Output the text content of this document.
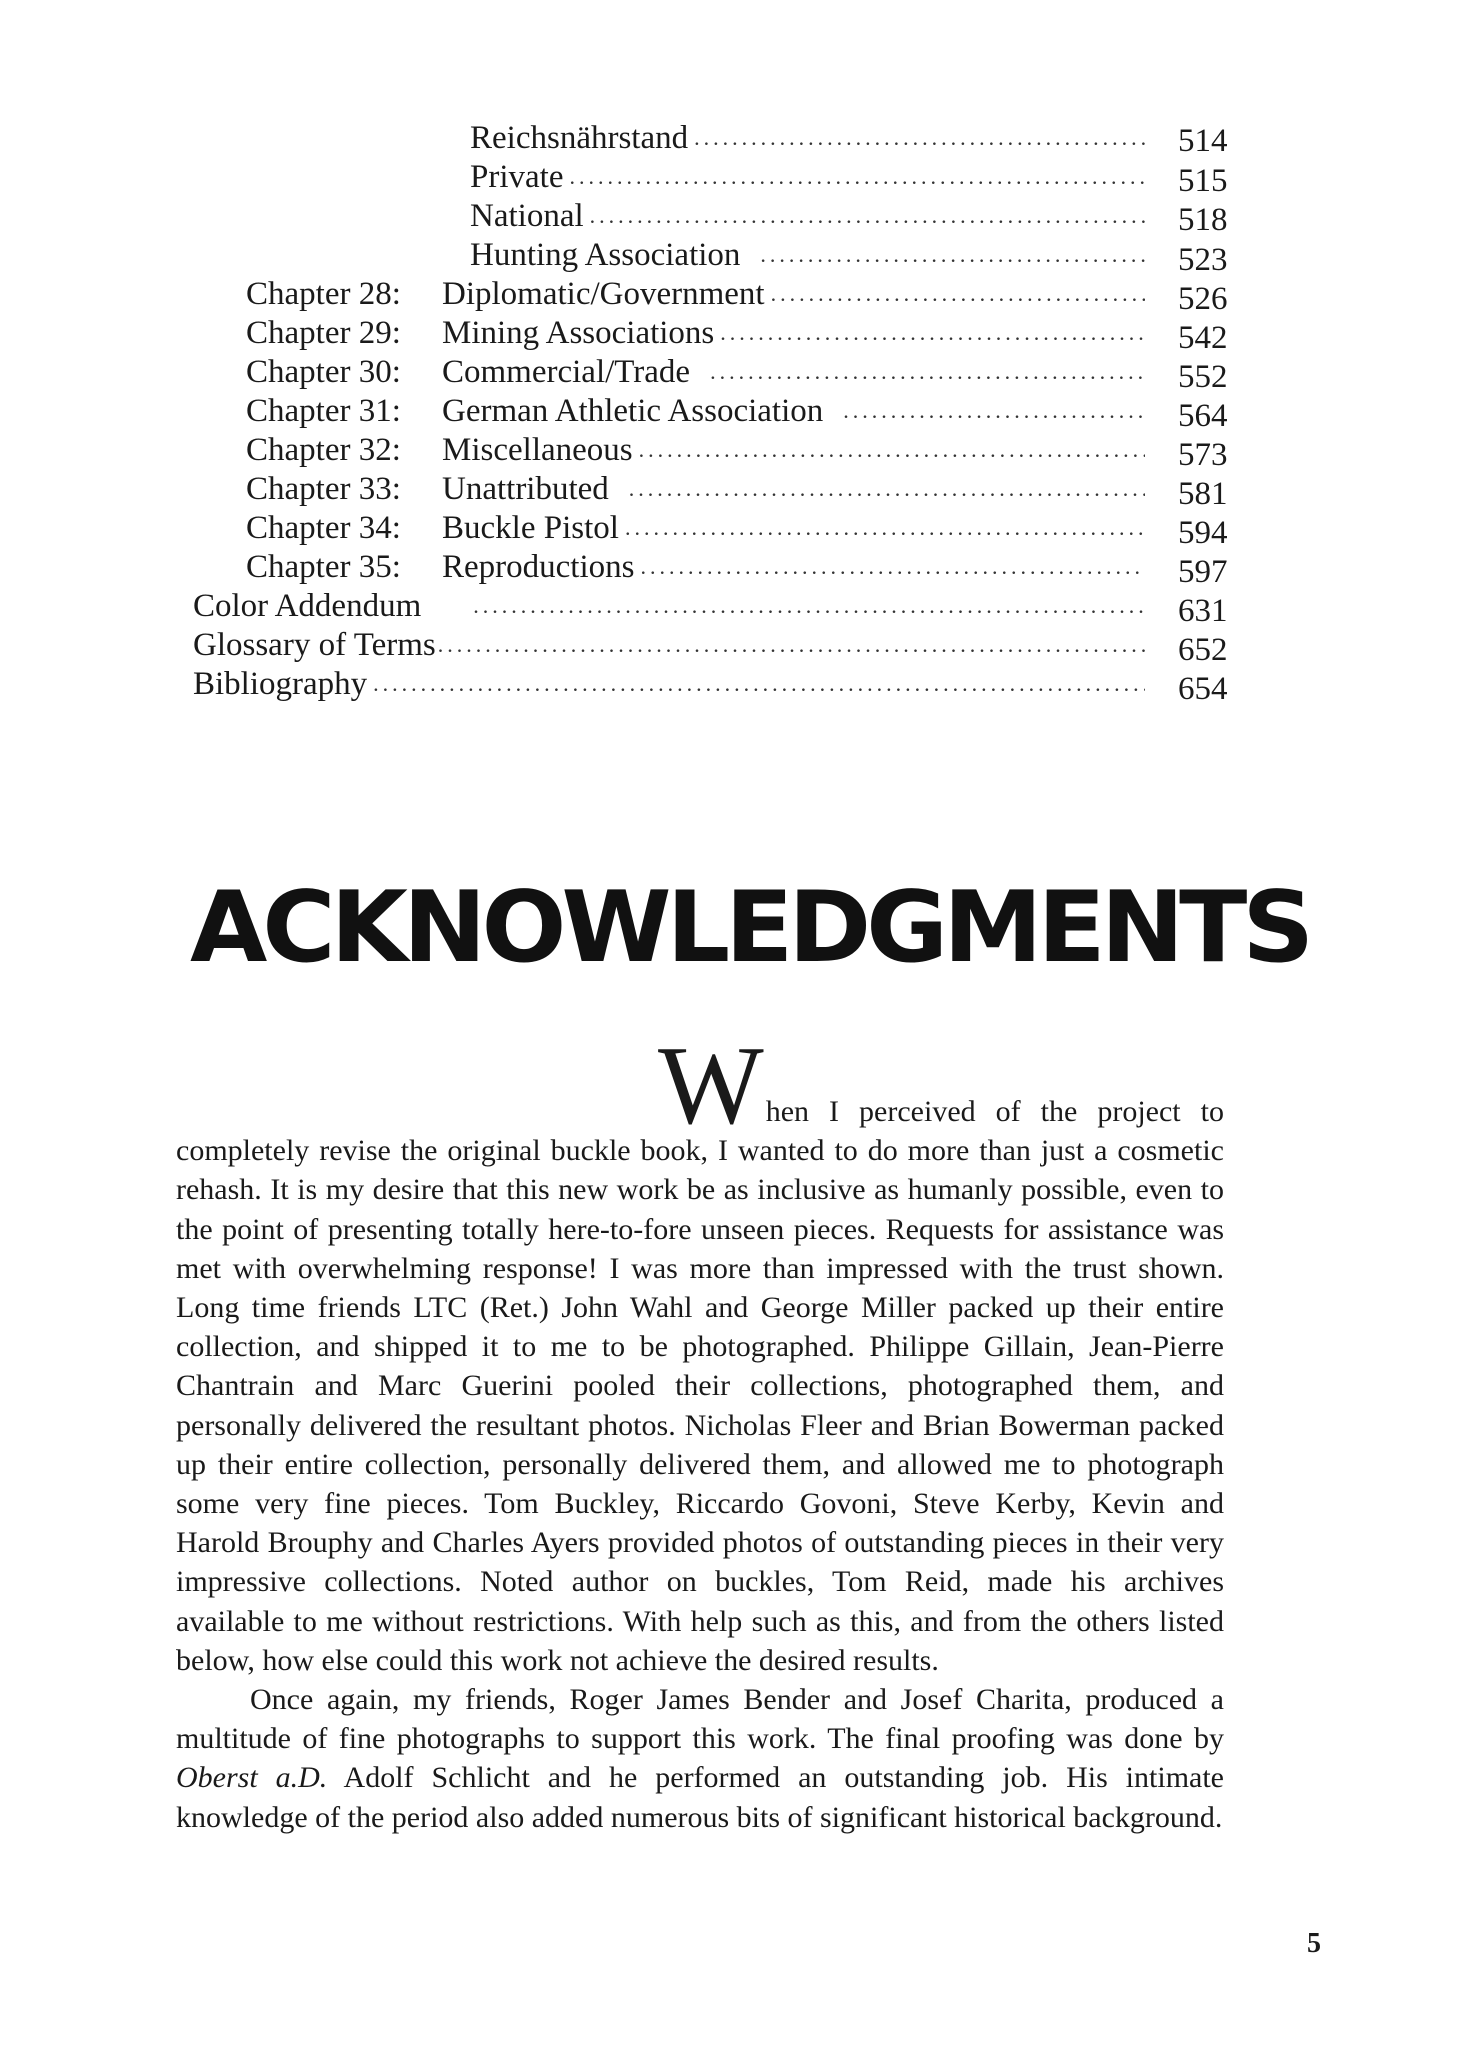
Reichsnährstand .....	514
Private .....	515
National .....	518
Hunting Association .....	523
Chapter 28: Diplomatic/Government .....	526
Chapter 29: Mining Associations .....	542
Chapter 30: Commercial/Trade .....	552
Chapter 31: German Athletic Association .....	564
Chapter 32: Miscellaneous .....	573
Chapter 33: Unattributed .....	581
Chapter 34: Buckle Pistol .....	594
Chapter 35: Reproductions .....	597
Color Addendum .....	631
Glossary of Terms .....	652
Bibliography .....	654
ACKNOWLEDGMENTS

When I perceived of the project to completely revise the original buckle book, I wanted to do more than just a cosmetic rehash. It is my desire that this new work be as inclusive as humanly possible, even to the point of presenting totally here-to-fore unseen pieces. Requests for assistance was met with overwhelming response! I was more than impressed with the trust shown. Long time friends LTC (Ret.) John Wahl and George Miller packed up their entire collection, and shipped it to me to be photographed. Philippe Gillain, Jean-Pierre Chantrain and Marc Guerini pooled their collections, photographed them, and personally delivered the resultant photos. Nicholas Fleer and Brian Bowerman packed up their entire collection, personally delivered them, and allowed me to photograph some very fine pieces. Tom Buckley, Riccardo Govoni, Steve Kerby, Kevin and Harold Brouphy and Charles Ayers provided photos of outstanding pieces in their very impressive collections. Noted author on buckles, Tom Reid, made his archives available to me without restrictions. With help such as this, and from the others listed below, how else could this work not achieve the desired results.

Once again, my friends, Roger James Bender and Josef Charita, produced a multitude of fine photographs to support this work. The final proofing was done by Oberst a.D. Adolf Schlicht and he performed an outstanding job. His intimate knowledge of the period also added numerous bits of significant historical background.

5
